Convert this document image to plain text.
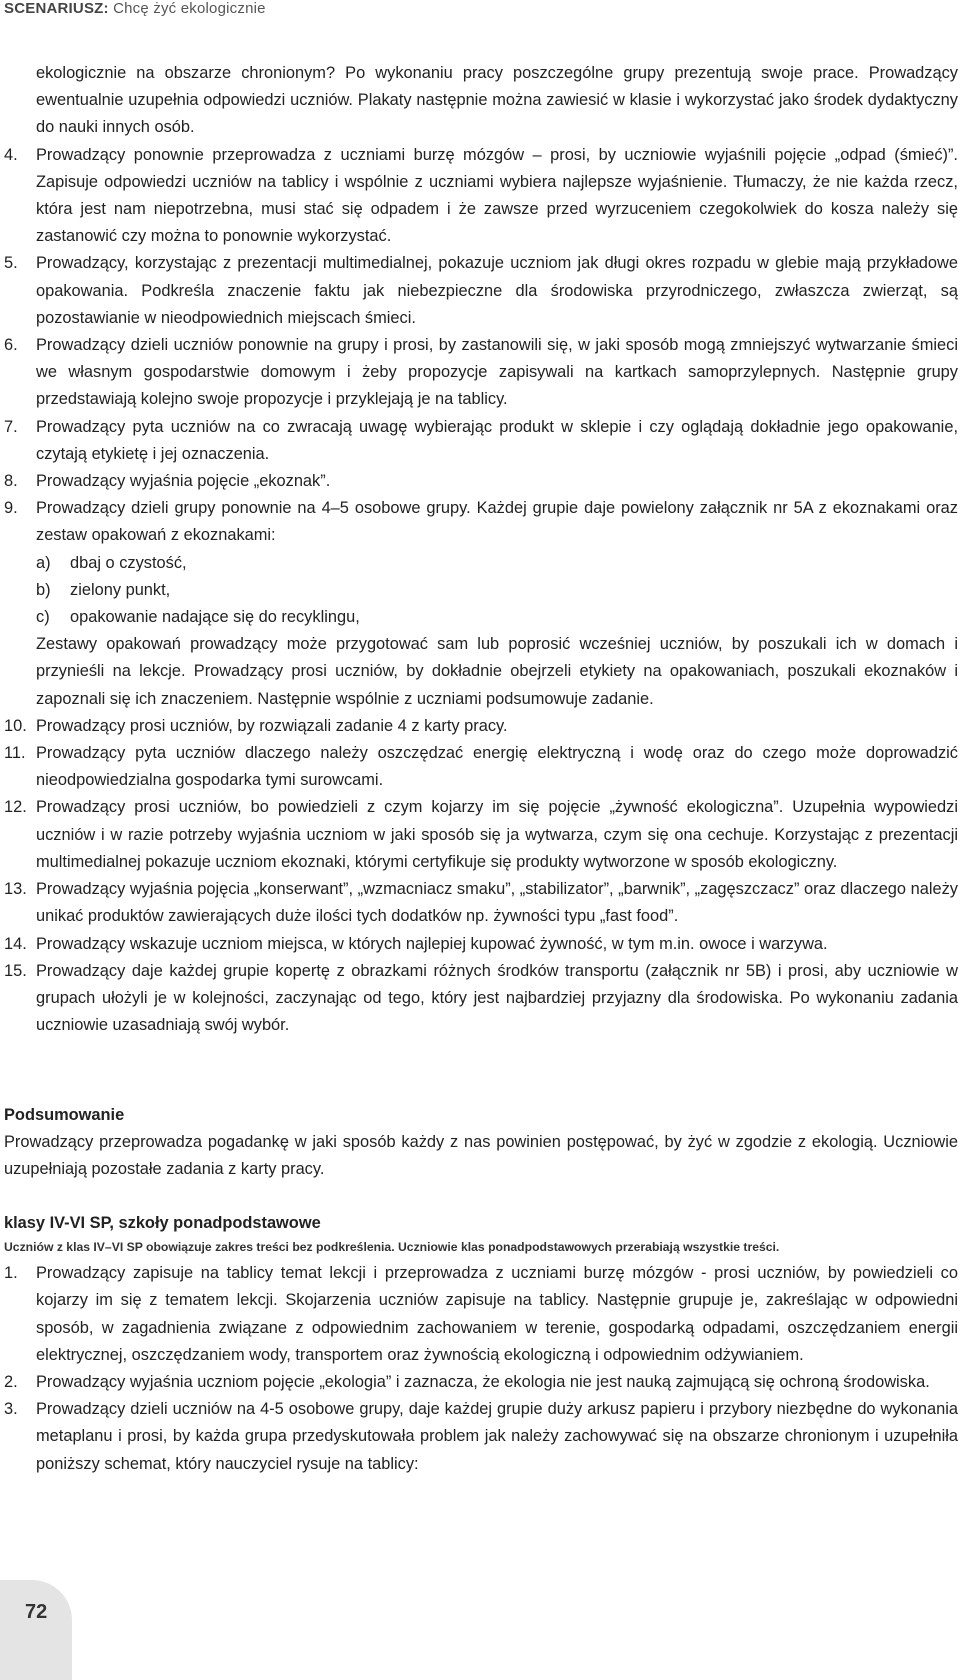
SCENARIUSZ: Chcę żyć ekologicznie

ekologicznie na obszarze chronionym? Po wykonaniu pracy poszczególne grupy prezentują swoje prace. Prowadzący ewentualnie uzupełnia odpowiedzi uczniów. Plakaty następnie można zawiesić w klasie i wykorzystać jako środek dydaktyczny do nauki innych osób.

4.	Prowadzący ponownie przeprowadza z uczniami burzę mózgów – prosi, by uczniowie wyjaśnili pojęcie „odpad (śmieć)”. Zapisuje odpowiedzi uczniów na tablicy i wspólnie z uczniami wybiera najlepsze wyjaśnienie. Tłumaczy, że nie każda rzecz, która jest nam niepotrzebna, musi stać się odpadem i że zawsze przed wyrzuceniem czegokolwiek do kosza należy się zastanowić czy można to ponownie wykorzystać.
5.	Prowadzący, korzystając z prezentacji multimedialnej, pokazuje uczniom jak długi okres rozpadu w glebie mają przykładowe opakowania. Podkreśla znaczenie faktu jak niebezpieczne dla środowiska przyrodniczego, zwłaszcza zwierząt, są pozostawianie w nieodpowiednich miejscach śmieci.
6.	Prowadzący dzieli uczniów ponownie na grupy i prosi, by zastanowili się, w jaki sposób mogą zmniejszyć wytwarzanie śmieci we własnym gospodarstwie domowym i żeby propozycje zapisywali na kartkach samoprzylepnych. Następnie grupy przedstawiają kolejno swoje propozycje i przyklejają je na tablicy.
7.	Prowadzący pyta uczniów na co zwracają uwagę wybierając produkt w sklepie i czy oglądają dokładnie jego opakowanie, czytają etykietę i jej oznaczenia.
8.	Prowadzący wyjaśnia pojęcie „ekoznak”.
9.	Prowadzący dzieli grupy ponownie na 4–5 osobowe grupy. Każdej grupie daje powielony załącznik nr 5A z ekoznakami oraz zestaw opakowań z ekoznakami:
a) dbaj o czystość,
b) zielony punkt,
c) opakowanie nadające się do recyklingu,
Zestawy opakowań prowadzący może przygotować sam lub poprosić wcześniej uczniów, by poszukali ich w domach i przynieśli na lekcje. Prowadzący prosi uczniów, by dokładnie obejrzeli etykiety na opakowaniach, poszukali ekoznaków i zapoznali się ich znaczeniem. Następnie wspólnie z uczniami podsumowuje zadanie.
10. Prowadzący prosi uczniów, by rozwiązali zadanie 4 z karty pracy.
11. Prowadzący pyta uczniów dlaczego należy oszczędzać energię elektryczną i wodę oraz do czego może doprowadzić nieodpowiedzialna gospodarka tymi surowcami.
12. Prowadzący prosi uczniów, bo powiedzieli z czym kojarzy im się pojęcie „żywność ekologiczna”. Uzupełnia wypowiedzi uczniów i w razie potrzeby wyjaśnia uczniom w jaki sposób się ja wytwarza, czym się ona cechuje. Korzystając z prezentacji multimedialnej pokazuje uczniom ekoznaki, którymi certyfikuje się produkty wytworzone w sposób ekologiczny.
13. Prowadzący wyjaśnia pojęcia „konserwant”, „wzmacniacz smaku”, „stabilizator”, „barwnik”, „zagęszczacz” oraz dlaczego należy unikać produktów zawierających duże ilości tych dodatków np. żywności typu „fast food”.
14. Prowadzący wskazuje uczniom miejsca, w których najlepiej kupować żywność, w tym m.in. owoce i warzywa.
15. Prowadzący daje każdej grupie kopertę z obrazkami różnych środków transportu (załącznik nr 5B) i prosi, aby uczniowie w grupach ułożyli je w kolejności, zaczynając od tego, który jest najbardziej przyjazny dla środowiska. Po wykonaniu zadania uczniowie uzasadniają swój wybór.

Podsumowanie

Prowadzący przeprowadza pogadankę w jaki sposób każdy z nas powinien postępować, by żyć w zgodzie z ekologią. Uczniowie uzupełniają pozostałe zadania z karty pracy.

klasy IV-VI SP, szkoły ponadpodstawowe

Uczniów z klas IV–VI SP obowiązuje zakres treści bez podkreślenia. Uczniowie klas ponadpodstawowych przerabiają wszystkie treści.

1.	Prowadzący zapisuje na tablicy temat lekcji i przeprowadza z uczniami burzę mózgów - prosi uczniów, by powiedzieli co kojarzy im się z tematem lekcji. Skojarzenia uczniów zapisuje na tablicy. Następnie grupuje je, zakreślając w odpowiedni sposób, w zagadnienia związane z odpowiednim zachowaniem w terenie, gospodarką odpadami, oszczędzaniem energii elektrycznej, oszczędzaniem wody, transportem oraz żywnością ekologiczną i odpowiednim odżywianiem.
2.	Prowadzący wyjaśnia uczniom pojęcie „ekologia” i zaznacza, że ekologia nie jest nauką zajmującą się ochroną środowiska.
3.	Prowadzący dzieli uczniów na 4-5 osobowe grupy, daje każdej grupie duży arkusz papieru i przybory niezbędne do wykonania metaplanu i prosi, by każda grupa przedyskutowała problem jak należy zachowywać się na obszarze chronionym i uzupełniła poniższy schemat, który nauczyciel rysuje na tablicy:
72
